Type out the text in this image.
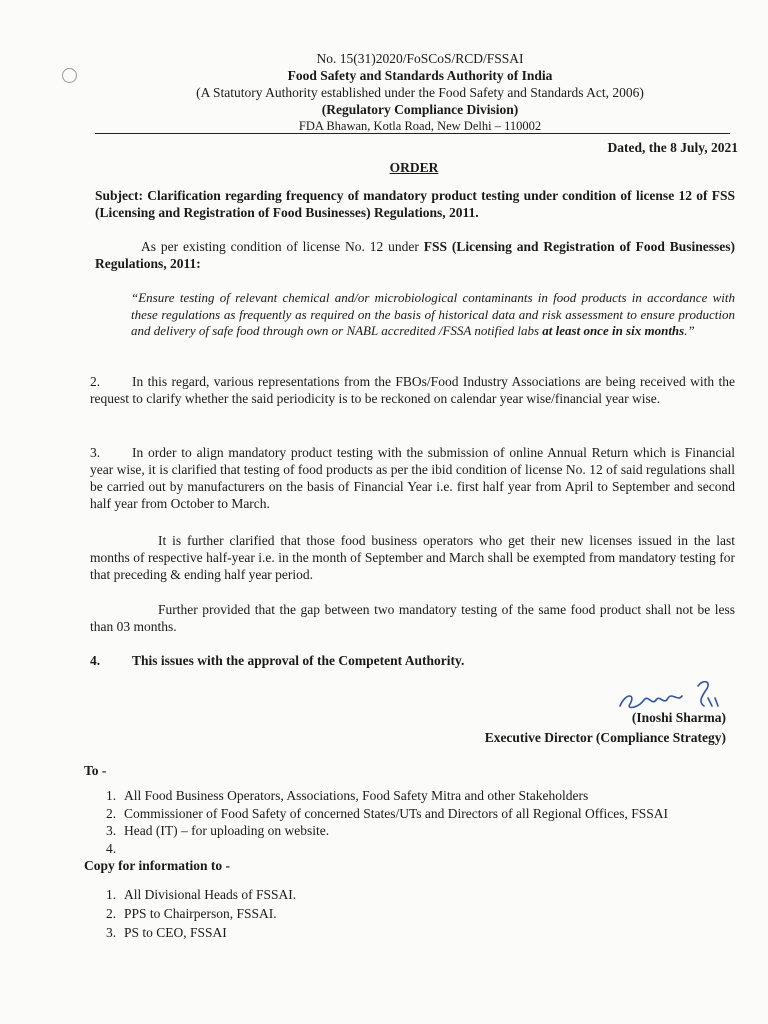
No. 15(31)2020/FoSCoS/RCD/FSSAI
Food Safety and Standards Authority of India
(A Statutory Authority established under the Food Safety and Standards Act, 2006)
(Regulatory Compliance Division)
FDA Bhawan, Kotla Road, New Delhi – 110002
Dated, the 8 July, 2021
ORDER
Subject: Clarification regarding frequency of mandatory product testing under condition of license 12 of FSS (Licensing and Registration of Food Businesses) Regulations, 2011.
As per existing condition of license No. 12 under FSS (Licensing and Registration of Food Businesses) Regulations, 2011:
“Ensure testing of relevant chemical and/or microbiological contaminants in food products in accordance with these regulations as frequently as required on the basis of historical data and risk assessment to ensure production and delivery of safe food through own or NABL accredited /FSSA notified labs at least once in six months.”
2. In this regard, various representations from the FBOs/Food Industry Associations are being received with the request to clarify whether the said periodicity is to be reckoned on calendar year wise/financial year wise.
3. In order to align mandatory product testing with the submission of online Annual Return which is Financial year wise, it is clarified that testing of food products as per the ibid condition of license No. 12 of said regulations shall be carried out by manufacturers on the basis of Financial Year i.e. first half year from April to September and second half year from October to March.
It is further clarified that those food business operators who get their new licenses issued in the last months of respective half-year i.e. in the month of September and March shall be exempted from mandatory testing for that preceding & ending half year period.
Further provided that the gap between two mandatory testing of the same food product shall not be less than 03 months.
4. This issues with the approval of the Competent Authority.
(Inoshi Sharma)
Executive Director (Compliance Strategy)
To -
1. All Food Business Operators, Associations, Food Safety Mitra and other Stakeholders
2. Commissioner of Food Safety of concerned States/UTs and Directors of all Regional Offices, FSSAI
3. Head (IT) – for uploading on website.
4.
Copy for information to -
1. All Divisional Heads of FSSAI.
2. PPS to Chairperson, FSSAI.
3. PS to CEO, FSSAI
